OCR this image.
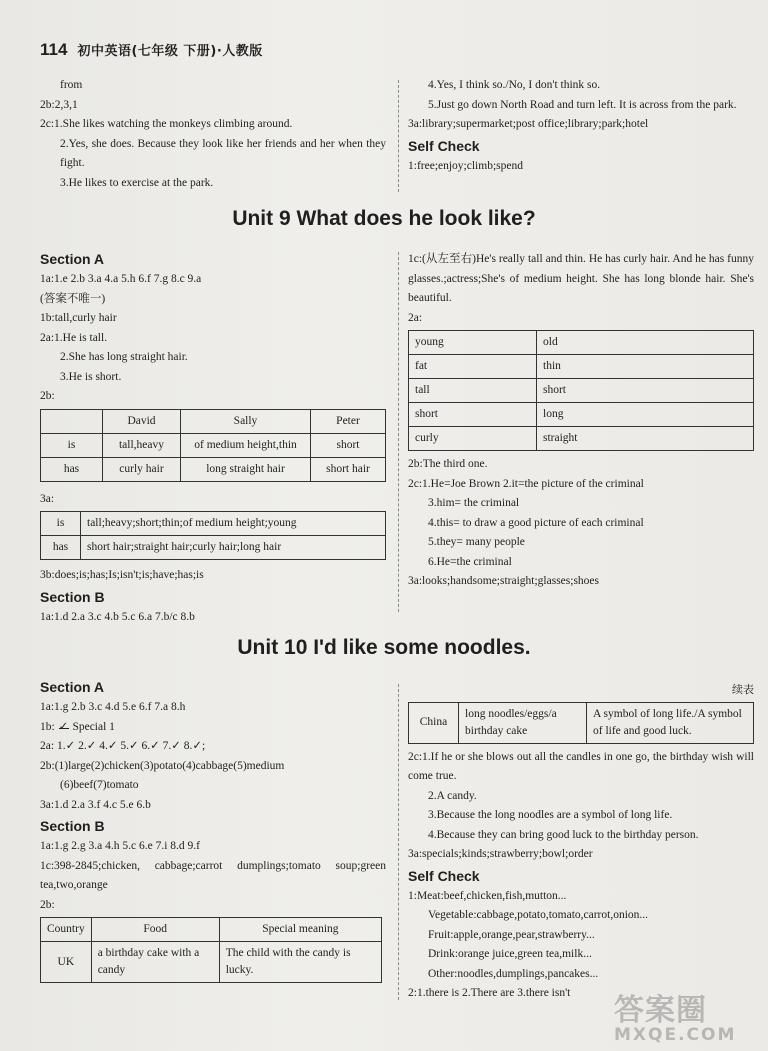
114 初中英语(七年级 下册)·人教版
from
2b:2,3,1
2c:1.She likes watching the monkeys climbing around.
2.Yes, she does. Because they look like her friends and her when they fight.
3.He likes to exercise at the park.
4.Yes, I think so./No, I don't think so.
5.Just go down North Road and turn left. It is across from the park.
3a:library;supermarket;post office;library;park;hotel
Self Check
1:free;enjoy;climb;spend
Unit 9 What does he look like?
Section A
1a:1.e 2.b 3.a 4.a 5.h 6.f 7.g 8.c 9.a
(答案不唯一)
1b:tall,curly hair
2a:1.He is tall.
2.She has long straight hair.
3.He is short.
2b:
	David	Sally	Peter
is	tall,heavy	of medium height,thin	short
has	curly hair	long straight hair	short hair
3a:
is	tall;heavy;short;thin;of medium height;young
has	short hair;straight hair;curly hair;long hair
3b:does;is;has;Is;isn't;is;have;has;is
Section B
1a:1.d 2.a 3.c 4.b 5.c 6.a 7.b/c 8.b
1c:(从左至右)He's really tall and thin. He has curly hair. And he has funny glasses.;actress;She's of medium height. She has long blonde hair. She's beautiful.
2a:
young	old
fat	thin
tall	short
short	long
curly	straight
2b:The third one.
2c:1.He=Joe Brown 2.it=the picture of the criminal
3.him= the criminal
4.this= to draw a good picture of each criminal
5.they= many people
6.He=the criminal
3a:looks;handsome;straight;glasses;shoes
Unit 10 I'd like some noodles.
Section A
1a:1.g 2.b 3.c 4.d 5.e 6.f 7.a 8.h
1b: ✓ Special 1
2a: 1.✓ 2.✓ 4.✓ 5.✓ 6.✓ 7.✓ 8.✓;
2b:(1)large(2)chicken(3)potato(4)cabbage(5)medium
(6)beef(7)tomato
3a:1.d 2.a 3.f 4.c 5.e 6.b
Section B
1a:1.g 2.g 3.a 4.h 5.c 6.e 7.i 8.d 9.f
1c:398-2845;chicken, cabbage;carrot dumplings;tomato soup;green tea,two,orange
2b:
Country	Food	Special meaning
UK	a birthday cake with a candy	The child with the candy is lucky.
续表
China	long noodles/eggs/a birthday cake	A symbol of long life./A symbol of life and good luck.
2c:1.If he or she blows out all the candles in one go, the birthday wish will come true.
2.A candy.
3.Because the long noodles are a symbol of long life.
4.Because they can bring good luck to the birthday person.
3a:specials;kinds;strawberry;bowl;order
Self Check
1:Meat:beef,chicken,fish,mutton...
Vegetable:cabbage,potato,tomato,carrot,onion...
Fruit:apple,orange,pear,strawberry...
Drink:orange juice,green tea,milk...
Other:noodles,dumplings,pancakes...
2:1.there is 2.There are 3.there isn't	答案圈
MXQE.COM
